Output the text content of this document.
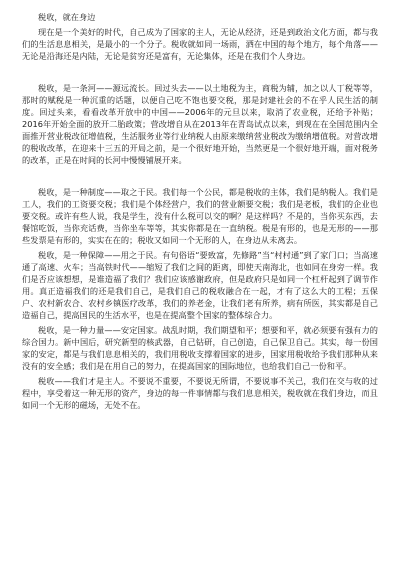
税收，就在身边

现在是一个美好的时代，自己成为了国家的主人，无论从经济，还是到政治文化方面，都与我们的生活息息相关，是最小的一个分子。税收就如同一场雨，洒在中国的每个地方，每个角落——无论是沿海还是内陆，无论是贫穷还是富有，无论集体，还是在我们个人身边。

税收，是一条河——源远流长。回过头去——以土地税为主，商税为辅，加之以人丁税等等，那时的赋税是一种沉重的话题，以便自己吃不饱也要交税，那是封建社会的不在乎人民生活的制度。回过头来，看看改革开放中的中国——2006年的元旦以来，取消了农业税，还给予补贴；2016年开始全面的放开二胎政策；营改增自从在2013年在青岛试点以来，到现在在全国范围内全面推开营业税改征增值税，生活服务业等行业纳税人由原来缴纳营业税改为缴纳增值税。对营改增的税收改革，在迎来十三五的开局之前，是一个很好地开始，当然更是一个很好地开端，面对税务的改革，正是在时间的长河中慢慢铺展开来。

税收，是一种制度——取之于民。我们每一个公民，都是税收的主体，我们是纳税人。我们是工人，我们的工资要交税；我们是个体经营户，我们的营业额要交税；我们是老板，我们的企业也要交税。或许有些人说，我是学生，没有什么税可以交的啊？是这样吗？不是的，当你买东西，去餐馆吃饭，当你充话费，当你坐车等等，其实你都是在一直纳税。税是有形的，也是无形的——那些发票是有形的，实实在在的；税收又如同一个无形的人，在身边从未离去。

税收，是一种保障——用之于民。有句俗语“要致富，先修路”当“村村通”到了家门口；当高速通了高速、火车；当高铁时代——缩短了我们之间的距离，即使天南海北，也如同在身旁一样。我们是否应该想想，是谁造福了我们？我们应该感谢政府，但是政府只是如同一个杠杆起到了调节作用。真正造福我们的还是我们自己，是我们自己的税收融合在一起，才有了这么大的工程；五保户、农村新农合、农村乡镇医疗改革，我们的养老金，让我们老有所养，病有所医，其实都是自己造福自己，提高国民的生活水平，也是在提高整个国家的整体综合力。

税收，是一种力量——安定国家。战乱时期，我们期望和平；想要和平，就必须要有强有力的综合国力。新中国后，研究新型的核武器，自己钻研，自己创造，自己保卫自己。其实，每一份国家的安定，都是与我们息息相关的，我们用税收支撑着国家的进步，国家用税收给予我们那种从来没有的安全感；我们是在用自己的努力，在提高国家的国际地位，也给我们自己一份和平。

税收——我们才是主人。不要说不重要，不要说无所谓，不要说事不关己，我们在交与收的过程中，享受着这一种无形的资产，身边的每一件事情都与我们息息相关，税收就在我们身边，而且如同一个无形的磁场，无处不在。
